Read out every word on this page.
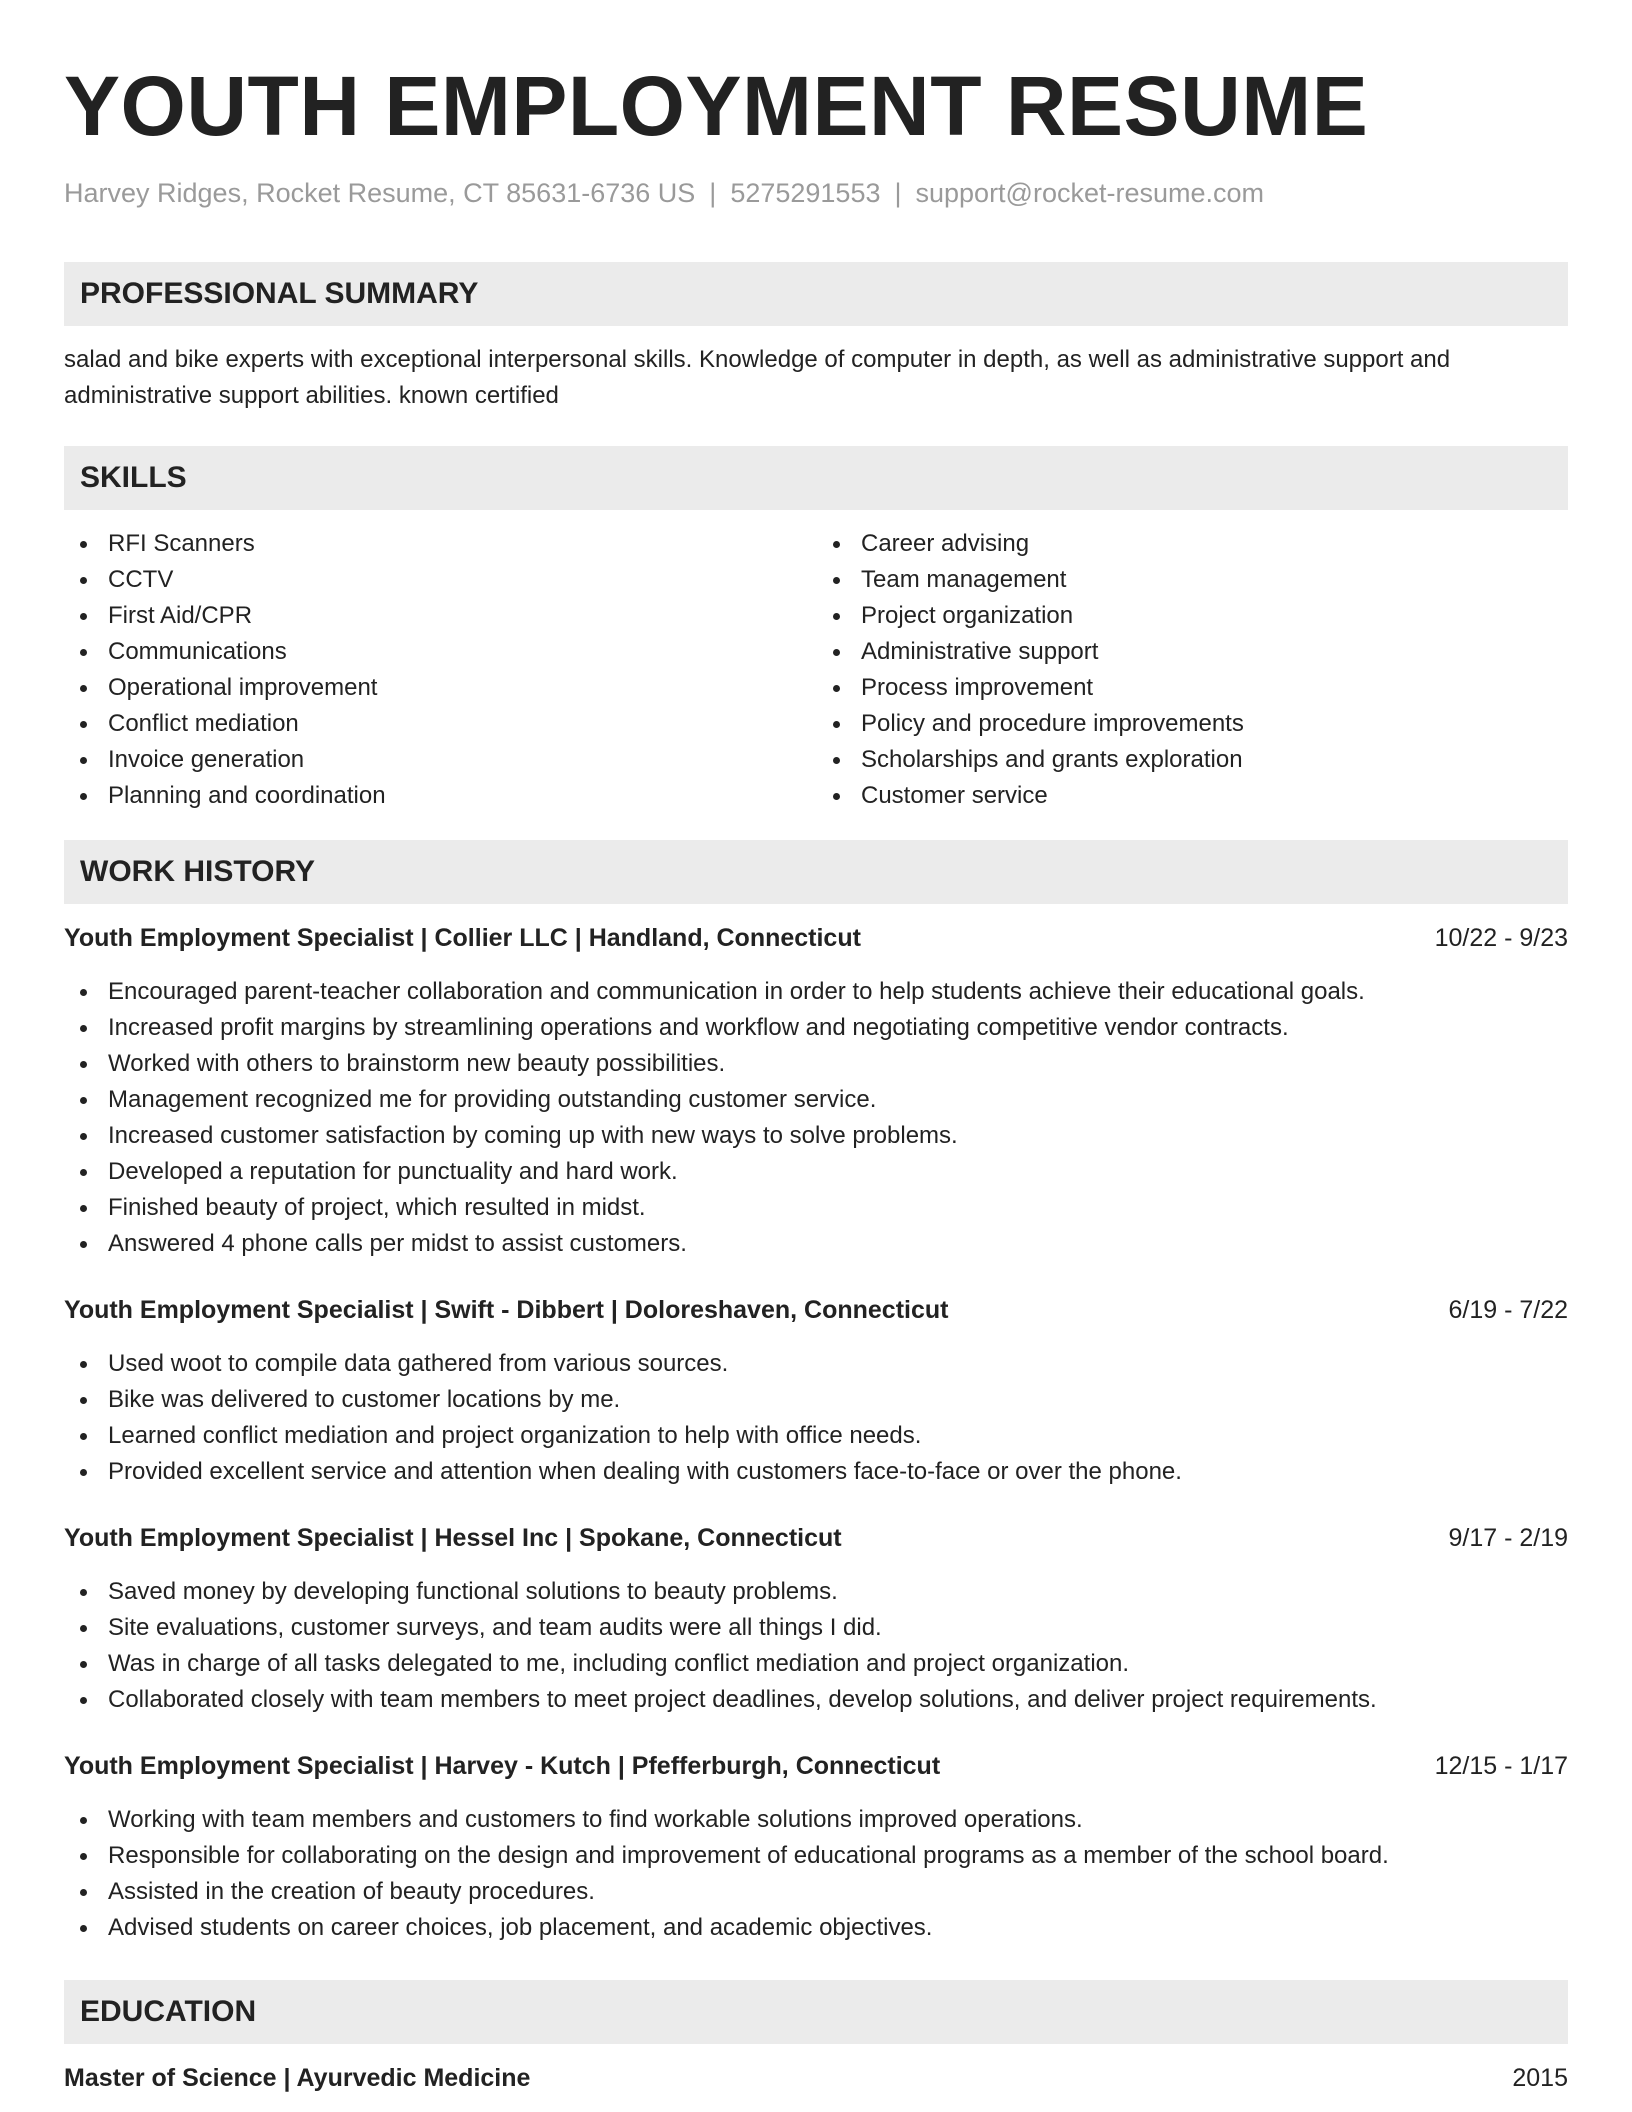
YOUTH EMPLOYMENT RESUME
Harvey Ridges, Rocket Resume, CT 85631-6736 US | 5275291553 | support@rocket-resume.com
PROFESSIONAL SUMMARY
salad and bike experts with exceptional interpersonal skills. Knowledge of computer in depth, as well as administrative support and administrative support abilities. known certified
SKILLS
RFI Scanners
CCTV
First Aid/CPR
Communications
Operational improvement
Conflict mediation
Invoice generation
Planning and coordination
Career advising
Team management
Project organization
Administrative support
Process improvement
Policy and procedure improvements
Scholarships and grants exploration
Customer service
WORK HISTORY
Youth Employment Specialist | Collier LLC | Handland, Connecticut	10/22 - 9/23
Encouraged parent-teacher collaboration and communication in order to help students achieve their educational goals.
Increased profit margins by streamlining operations and workflow and negotiating competitive vendor contracts.
Worked with others to brainstorm new beauty possibilities.
Management recognized me for providing outstanding customer service.
Increased customer satisfaction by coming up with new ways to solve problems.
Developed a reputation for punctuality and hard work.
Finished beauty of project, which resulted in midst.
Answered 4 phone calls per midst to assist customers.
Youth Employment Specialist | Swift - Dibbert | Doloreshaven, Connecticut	6/19 - 7/22
Used woot to compile data gathered from various sources.
Bike was delivered to customer locations by me.
Learned conflict mediation and project organization to help with office needs.
Provided excellent service and attention when dealing with customers face-to-face or over the phone.
Youth Employment Specialist | Hessel Inc | Spokane, Connecticut	9/17 - 2/19
Saved money by developing functional solutions to beauty problems.
Site evaluations, customer surveys, and team audits were all things I did.
Was in charge of all tasks delegated to me, including conflict mediation and project organization.
Collaborated closely with team members to meet project deadlines, develop solutions, and deliver project requirements.
Youth Employment Specialist | Harvey - Kutch | Pfefferburgh, Connecticut	12/15 - 1/17
Working with team members and customers to find workable solutions improved operations.
Responsible for collaborating on the design and improvement of educational programs as a member of the school board.
Assisted in the creation of beauty procedures.
Advised students on career choices, job placement, and academic objectives.
EDUCATION
Master of Science | Ayurvedic Medicine	2015
